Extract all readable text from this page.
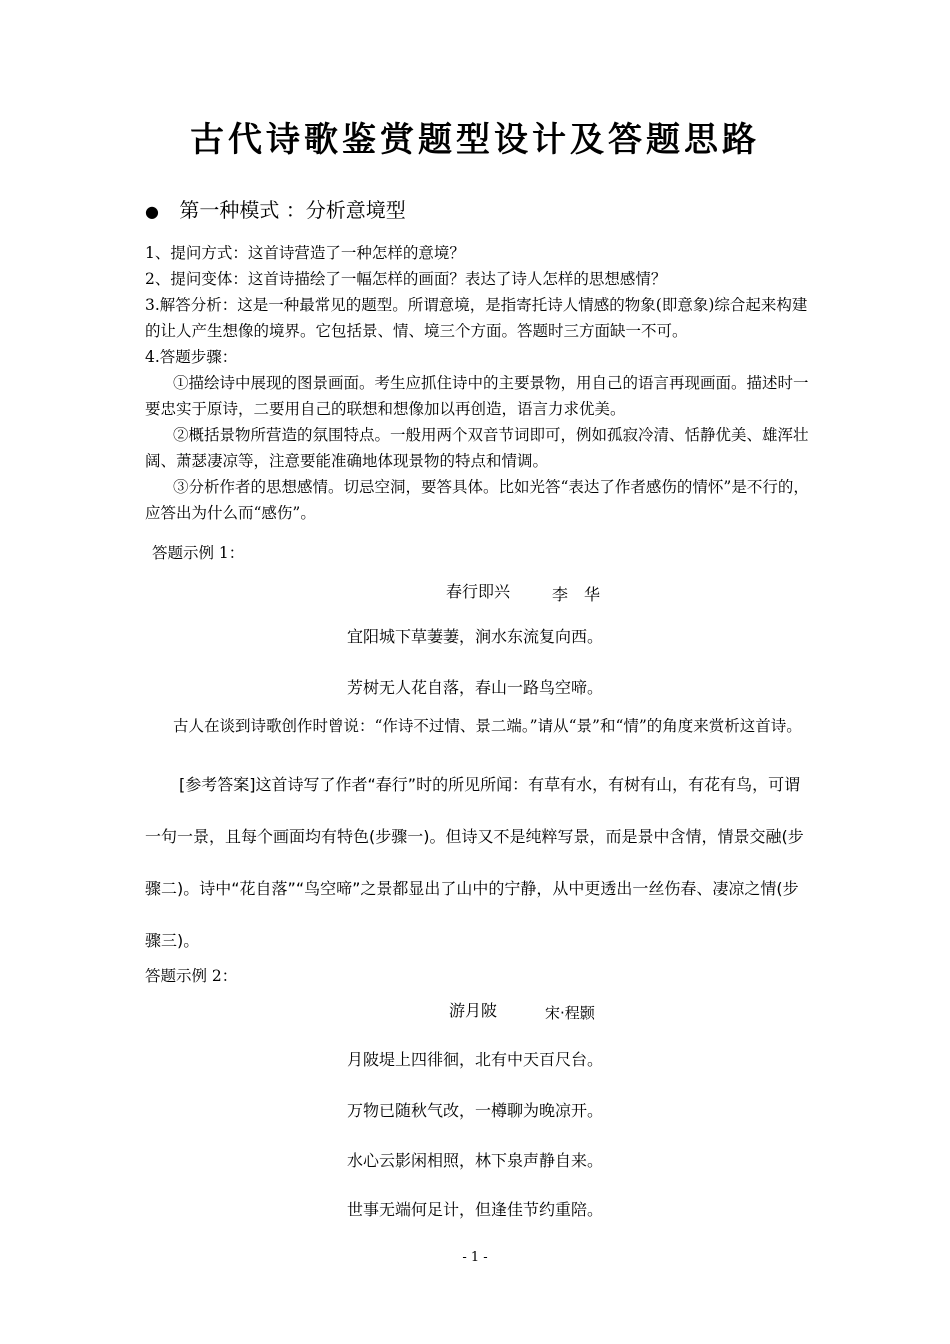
古代诗歌鉴赏题型设计及答题思路
● 第一种模式 ：分析意境型

1、提问方式：这首诗营造了一种怎样的意境？

2、提问变体：这首诗描绘了一幅怎样的画面？表达了诗人怎样的思想感情？

3.解答分析：这是一种最常见的题型。所谓意境，是指寄托诗人情感的物象(即意象)综合起来构建的让人产生想像的境界。它包括景、情、境三个方面。答题时三方面缺一不可。

4.答题步骤：

①描绘诗中展现的图景画面。考生应抓住诗中的主要景物，用自己的语言再现画面。描述时一要忠实于原诗，二要用自己的联想和想像加以再创造，语言力求优美。

②概括景物所营造的氛围特点。一般用两个双音节词即可，例如孤寂冷清、恬静优美、雄浑壮阔、萧瑟凄凉等，注意要能准确地体现景物的特点和情调。

③分析作者的思想感情。切忌空洞，要答具体。比如光答“表达了作者感伤的情怀”是不行的，应答出为什么而“感伤”。

答题示例 1：
春行即兴	李　华
宜阳城下草萋萋，涧水东流复向西。
芳树无人花自落，春山一路鸟空啼。
古人在谈到诗歌创作时曾说：“作诗不过情、景二端。”请从“景”和“情”的角度来赏析这首诗。

[参考答案]这首诗写了作者“春行”时的所见所闻：有草有水，有树有山，有花有鸟，可谓一句一景，且每个画面均有特色(步骤一)。但诗又不是纯粹写景，而是景中含情，情景交融(步骤二)。诗中“花自落”“鸟空啼”之景都显出了山中的宁静，从中更透出一丝伤春、凄凉之情(步骤三)。

答题示例 2：
游月陂	宋·程颢
月陂堤上四徘徊，北有中天百尺台。
万物已随秋气改，一樽聊为晚凉开。
水心云影闲相照，林下泉声静自来。
世事无端何足计，但逢佳节约重陪。
- 1 -
